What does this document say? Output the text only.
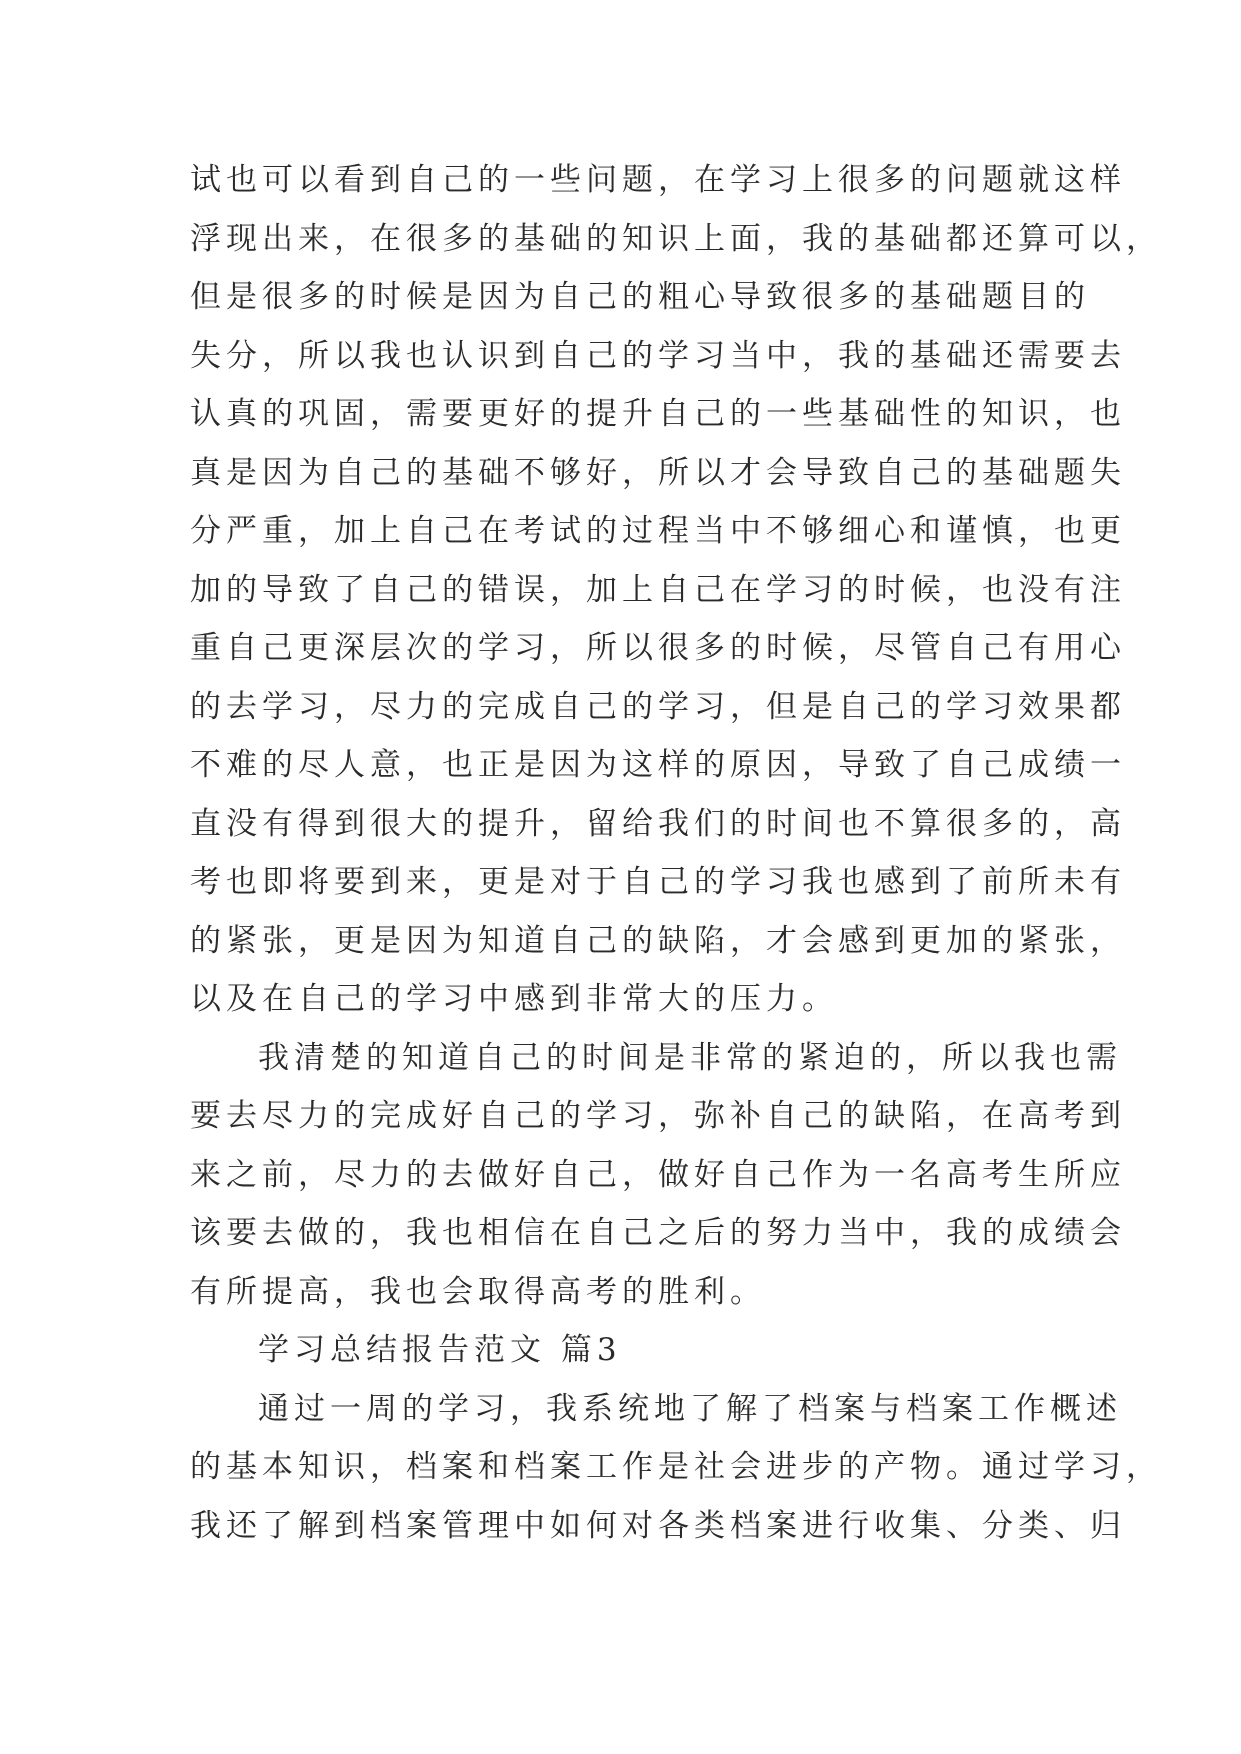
试也可以看到自己的一些问题，在学习上很多的问题就这样
浮现出来，在很多的基础的知识上面，我的基础都还算可以，
但是很多的时候是因为自己的粗心导致很多的基础题目的
失分，所以我也认识到自己的学习当中，我的基础还需要去
认真的巩固，需要更好的提升自己的一些基础性的知识，也
真是因为自己的基础不够好，所以才会导致自己的基础题失
分严重，加上自己在考试的过程当中不够细心和谨慎，也更
加的导致了自己的错误，加上自己在学习的时候，也没有注
重自己更深层次的学习，所以很多的时候，尽管自己有用心
的去学习，尽力的完成自己的学习，但是自己的学习效果都
不难的尽人意，也正是因为这样的原因，导致了自己成绩一
直没有得到很大的提升，留给我们的时间也不算很多的，高
考也即将要到来，更是对于自己的学习我也感到了前所未有
的紧张，更是因为知道自己的缺陷，才会感到更加的紧张，
以及在自己的学习中感到非常大的压力。
我清楚的知道自己的时间是非常的紧迫的，所以我也需
要去尽力的完成好自己的学习，弥补自己的缺陷，在高考到
来之前，尽力的去做好自己，做好自己作为一名高考生所应
该要去做的，我也相信在自己之后的努力当中，我的成绩会
有所提高，我也会取得高考的胜利。
学习总结报告范文 篇3
通过一周的学习，我系统地了解了档案与档案工作概述
的基本知识，档案和档案工作是社会进步的产物。通过学习，
我还了解到档案管理中如何对各类档案进行收集、分类、归
